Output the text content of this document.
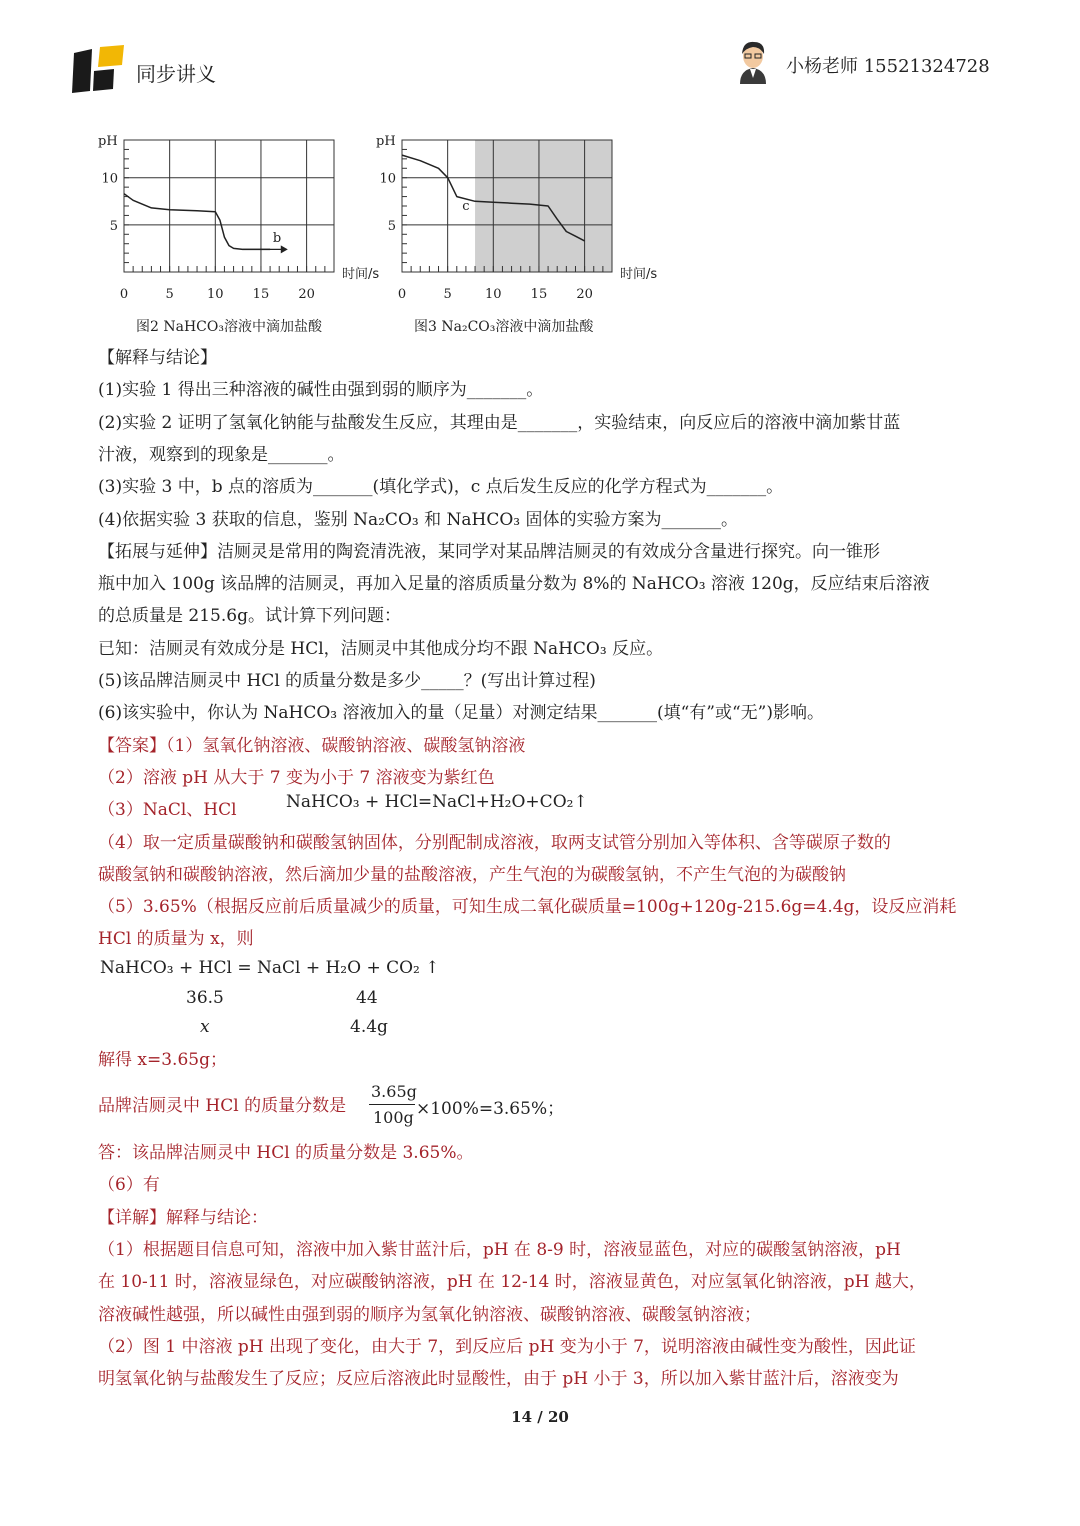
同步讲义	小杨老师 15521324728
0	5	10 15 20
10
5
pH
时间/s
b
图2 NaHCO₃溶液中滴加盐酸
0	5	10 15 20
10
5
pH
时间/s
c
图3 Na₂CO₃溶液中滴加盐酸
【解释与结论】
(1)实验 1 得出三种溶液的碱性由强到弱的顺序为_______。
(2)实验 2 证明了氢氧化钠能与盐酸发生反应，其理由是_______，实验结束，向反应后的溶液中滴加紫甘蓝
汁液，观察到的现象是_______。
(3)实验 3 中，b 点的溶质为_______(填化学式)，c 点后发生反应的化学方程式为_______。
(4)依据实验 3 获取的信息，鉴别 Na₂CO₃ 和 NaHCO₃ 固体的实验方案为_______。
【拓展与延伸】洁厕灵是常用的陶瓷清洗液，某同学对某品牌洁厕灵的有效成分含量进行探究。向一锥形
瓶中加入 100g 该品牌的洁厕灵，再加入足量的溶质质量分数为 8%的 NaHCO₃ 溶液 120g，反应结束后溶液
的总质量是 215.6g。试计算下列问题：
已知：洁厕灵有效成分是 HCl，洁厕灵中其他成分均不跟 NaHCO₃ 反应。
(5)该品牌洁厕灵中 HCl 的质量分数是多少_____？(写出计算过程)
(6)该实验中，你认为 NaHCO₃ 溶液加入的量（足量）对测定结果_______(填“有”或“无”)影响。
【答案】（1）氢氧化钠溶液、碳酸钠溶液、碳酸氢钠溶液
（2）溶液 pH 从大于 7 变为小于 7 溶液变为紫红色
（3）NaCl、HCl
（4）取一定质量碳酸钠和碳酸氢钠固体，分别配制成溶液，取两支试管分别加入等体积、含等碳原子数的
碳酸氢钠和碳酸钠溶液，然后滴加少量的盐酸溶液，产生气泡的为碳酸氢钠，不产生气泡的为碳酸钠
（5）3.65%（根据反应前后质量减少的质量，可知生成二氧化碳质量=100g+120g-215.6g=4.4g，设反应消耗
HCl 的质量为 x，则
NaHCO₃ + HCl=NaCl+H₂O+CO₂↑
NaHCO₃ + HCl = NaCl + H₂O + CO₂ ↑
36.5	44
x	4.4g
解得 x=3.65g；
品牌洁厕灵中 HCl 的质量分数是
3.65g
100g ×100%=3.65%；
答：该品牌洁厕灵中 HCl 的质量分数是 3.65%。
（6）有
【详解】解释与结论：
（1）根据题目信息可知，溶液中加入紫甘蓝汁后，pH 在 8-9 时，溶液显蓝色，对应的碳酸氢钠溶液，pH
在 10-11 时，溶液显绿色，对应碳酸钠溶液，pH 在 12-14 时，溶液显黄色，对应氢氧化钠溶液，pH 越大，
溶液碱性越强，所以碱性由强到弱的顺序为氢氧化钠溶液、碳酸钠溶液、碳酸氢钠溶液；
（2）图 1 中溶液 pH 出现了变化，由大于 7，到反应后 pH 变为小于 7，说明溶液由碱性变为酸性，因此证
明氢氧化钠与盐酸发生了反应；反应后溶液此时显酸性，由于 pH 小于 3，所以加入紫甘蓝汁后，溶液变为
14 / 20
